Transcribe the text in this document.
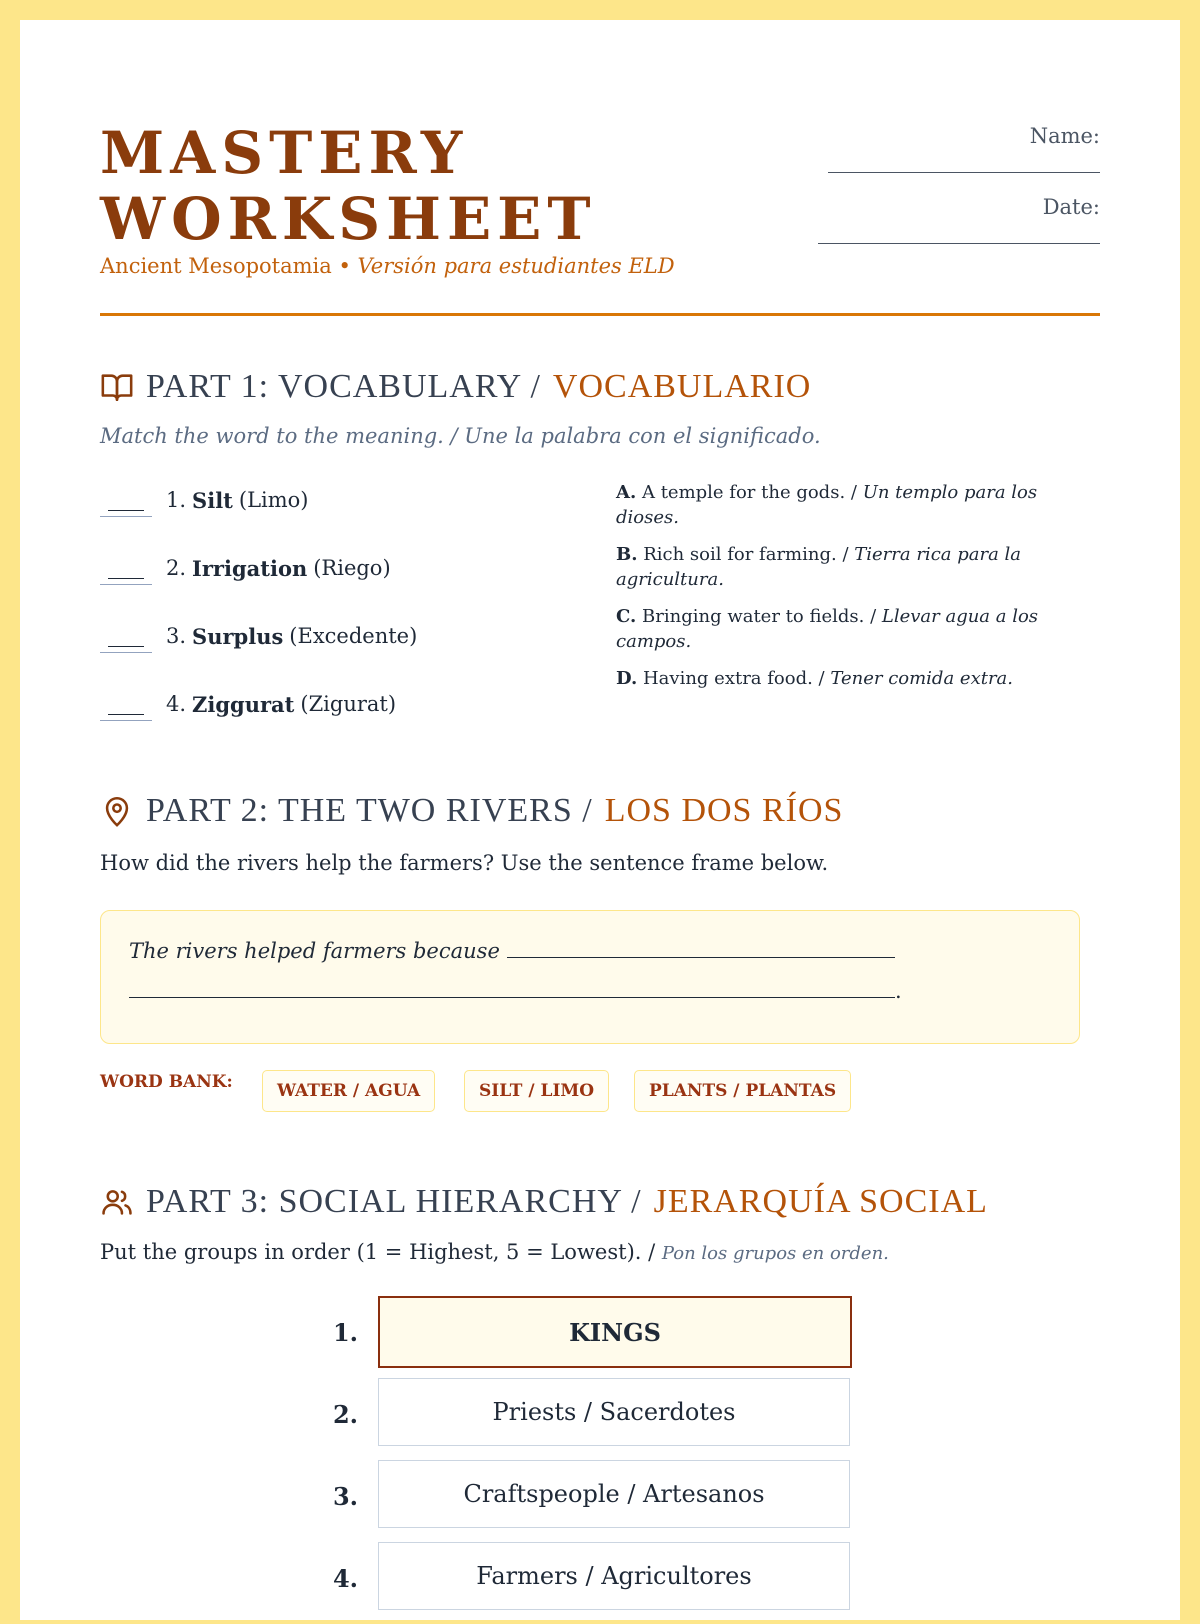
MASTERY
WORKSHEET
Ancient Mesopotamia • Versión para estudiantes ELD
Name:
Date:
PART 1: VOCABULARY / VOCABULARIO
Match the word to the meaning. / Une la palabra con el significado.
1. Silt (Limo)
2. Irrigation (Riego)
3. Surplus (Excedente)
4. Ziggurat (Zigurat)
A. A temple for the gods. / Un templo para los dioses.
B. Rich soil for farming. / Tierra rica para la agricultura.
C. Bringing water to fields. / Llevar agua a los campos.
D. Having extra food. / Tener comida extra.
PART 2: THE TWO RIVERS / LOS DOS RÍOS
How did the rivers help the farmers? Use the sentence frame below.
The rivers helped farmers because
.
WORD BANK:	WATER / AGUA	SILT / LIMO	PLANTS / PLANTAS
PART 3: SOCIAL HIERARCHY / JERARQUÍA SOCIAL
Put the groups in order (1 = Highest, 5 = Lowest). / Pon los grupos en orden.
1.	KINGS
2.	Priests / Sacerdotes
3.	Craftspeople / Artesanos
4.	Farmers / Agricultores
